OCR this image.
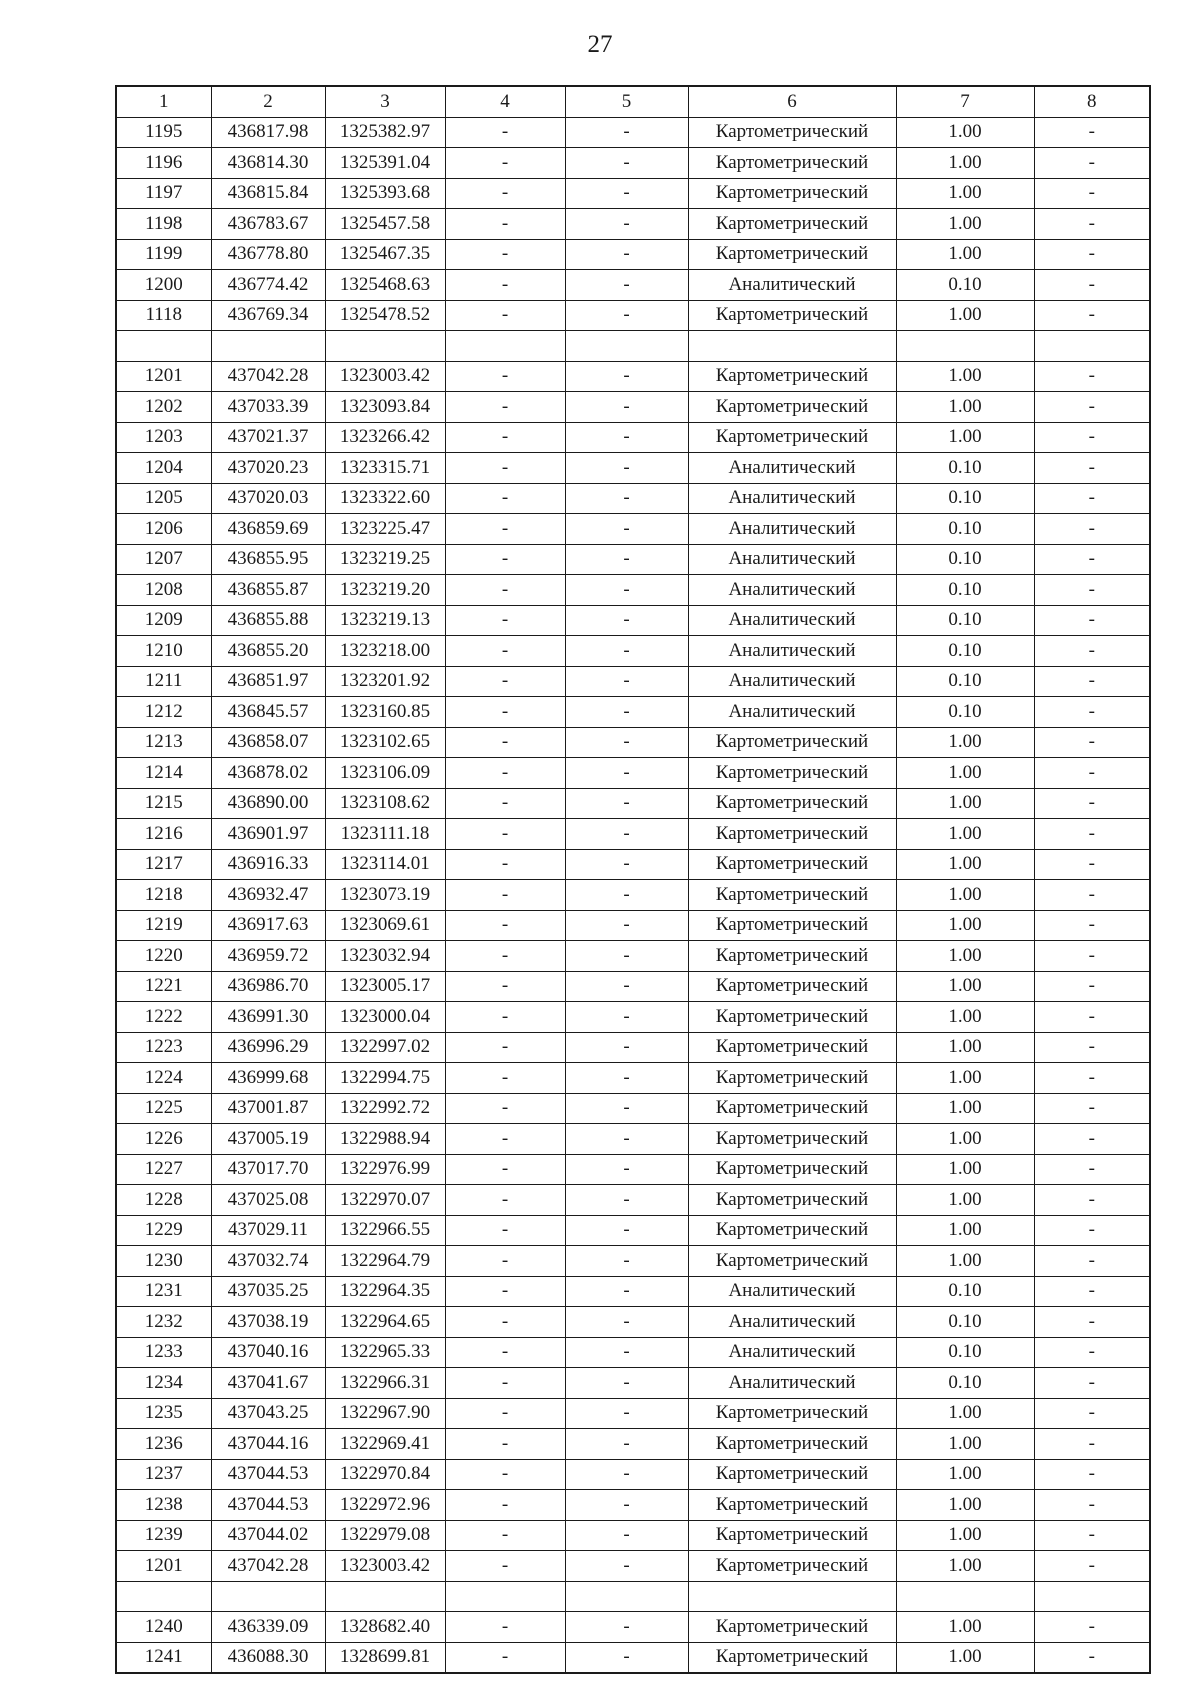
27
1	2	3	4	5	6	7	8
1195	436817.98	1325382.97	-	-	Картометрический	1.00	-
1196	436814.30	1325391.04	-	-	Картометрический	1.00	-
1197	436815.84	1325393.68	-	-	Картометрический	1.00	-
1198	436783.67	1325457.58	-	-	Картометрический	1.00	-
1199	436778.80	1325467.35	-	-	Картометрический	1.00	-
1200	436774.42	1325468.63	-	-	Аналитический	0.10	-
1118	436769.34	1325478.52	-	-	Картометрический	1.00	-

1201	437042.28	1323003.42	-	-	Картометрический	1.00	-
1202	437033.39	1323093.84	-	-	Картометрический	1.00	-
1203	437021.37	1323266.42	-	-	Картометрический	1.00	-
1204	437020.23	1323315.71	-	-	Аналитический	0.10	-
1205	437020.03	1323322.60	-	-	Аналитический	0.10	-
1206	436859.69	1323225.47	-	-	Аналитический	0.10	-
1207	436855.95	1323219.25	-	-	Аналитический	0.10	-
1208	436855.87	1323219.20	-	-	Аналитический	0.10	-
1209	436855.88	1323219.13	-	-	Аналитический	0.10	-
1210	436855.20	1323218.00	-	-	Аналитический	0.10	-
1211	436851.97	1323201.92	-	-	Аналитический	0.10	-
1212	436845.57	1323160.85	-	-	Аналитический	0.10	-
1213	436858.07	1323102.65	-	-	Картометрический	1.00	-
1214	436878.02	1323106.09	-	-	Картометрический	1.00	-
1215	436890.00	1323108.62	-	-	Картометрический	1.00	-
1216	436901.97	1323111.18	-	-	Картометрический	1.00	-
1217	436916.33	1323114.01	-	-	Картометрический	1.00	-
1218	436932.47	1323073.19	-	-	Картометрический	1.00	-
1219	436917.63	1323069.61	-	-	Картометрический	1.00	-
1220	436959.72	1323032.94	-	-	Картометрический	1.00	-
1221	436986.70	1323005.17	-	-	Картометрический	1.00	-
1222	436991.30	1323000.04	-	-	Картометрический	1.00	-
1223	436996.29	1322997.02	-	-	Картометрический	1.00	-
1224	436999.68	1322994.75	-	-	Картометрический	1.00	-
1225	437001.87	1322992.72	-	-	Картометрический	1.00	-
1226	437005.19	1322988.94	-	-	Картометрический	1.00	-
1227	437017.70	1322976.99	-	-	Картометрический	1.00	-
1228	437025.08	1322970.07	-	-	Картометрический	1.00	-
1229	437029.11	1322966.55	-	-	Картометрический	1.00	-
1230	437032.74	1322964.79	-	-	Картометрический	1.00	-
1231	437035.25	1322964.35	-	-	Аналитический	0.10	-
1232	437038.19	1322964.65	-	-	Аналитический	0.10	-
1233	437040.16	1322965.33	-	-	Аналитический	0.10	-
1234	437041.67	1322966.31	-	-	Аналитический	0.10	-
1235	437043.25	1322967.90	-	-	Картометрический	1.00	-
1236	437044.16	1322969.41	-	-	Картометрический	1.00	-
1237	437044.53	1322970.84	-	-	Картометрический	1.00	-
1238	437044.53	1322972.96	-	-	Картометрический	1.00	-
1239	437044.02	1322979.08	-	-	Картометрический	1.00	-
1201	437042.28	1323003.42	-	-	Картометрический	1.00	-

1240	436339.09	1328682.40	-	-	Картометрический	1.00	-
1241	436088.30	1328699.81	-	-	Картометрический	1.00	-
